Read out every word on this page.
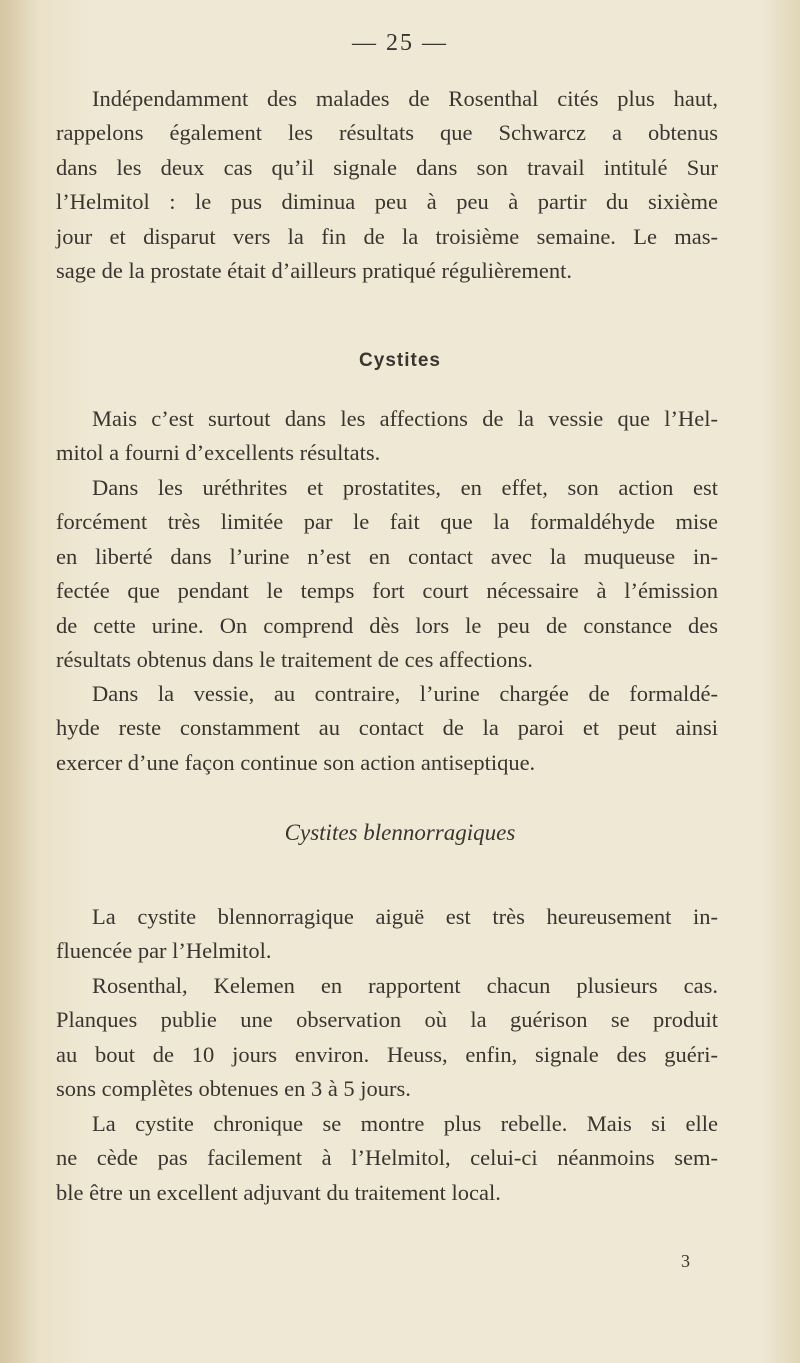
— 25 —
Indépendamment des malades de Rosenthal cités plus haut,
rappelons également les résultats que Schwarcz a obtenus
dans les deux cas qu’il signale dans son travail intitulé Sur
l’Helmitol : le pus diminua peu à peu à partir du sixième
jour et disparut vers la fin de la troisième semaine. Le mas-
sage de la prostate était d’ailleurs pratiqué régulièrement.
Cystites
Mais c’est surtout dans les affections de la vessie que l’Hel-
mitol a fourni d’excellents résultats.
Dans les uréthrites et prostatites, en effet, son action est
forcément très limitée par le fait que la formaldéhyde mise
en liberté dans l’urine n’est en contact avec la muqueuse in-
fectée que pendant le temps fort court nécessaire à l’émission
de cette urine. On comprend dès lors le peu de constance des
résultats obtenus dans le traitement de ces affections.
Dans la vessie, au contraire, l’urine chargée de formaldé-
hyde reste constamment au contact de la paroi et peut ainsi
exercer d’une façon continue son action antiseptique.
Cystites blennorragiques
La cystite blennorragique aiguë est très heureusement in-
fluencée par l’Helmitol.
Rosenthal, Kelemen en rapportent chacun plusieurs cas.
Planques publie une observation où la guérison se produit
au bout de 10 jours environ. Heuss, enfin, signale des guéri-
sons complètes obtenues en 3 à 5 jours.
La cystite chronique se montre plus rebelle. Mais si elle
ne cède pas facilement à l’Helmitol, celui-ci néanmoins sem-
ble être un excellent adjuvant du traitement local.
3
